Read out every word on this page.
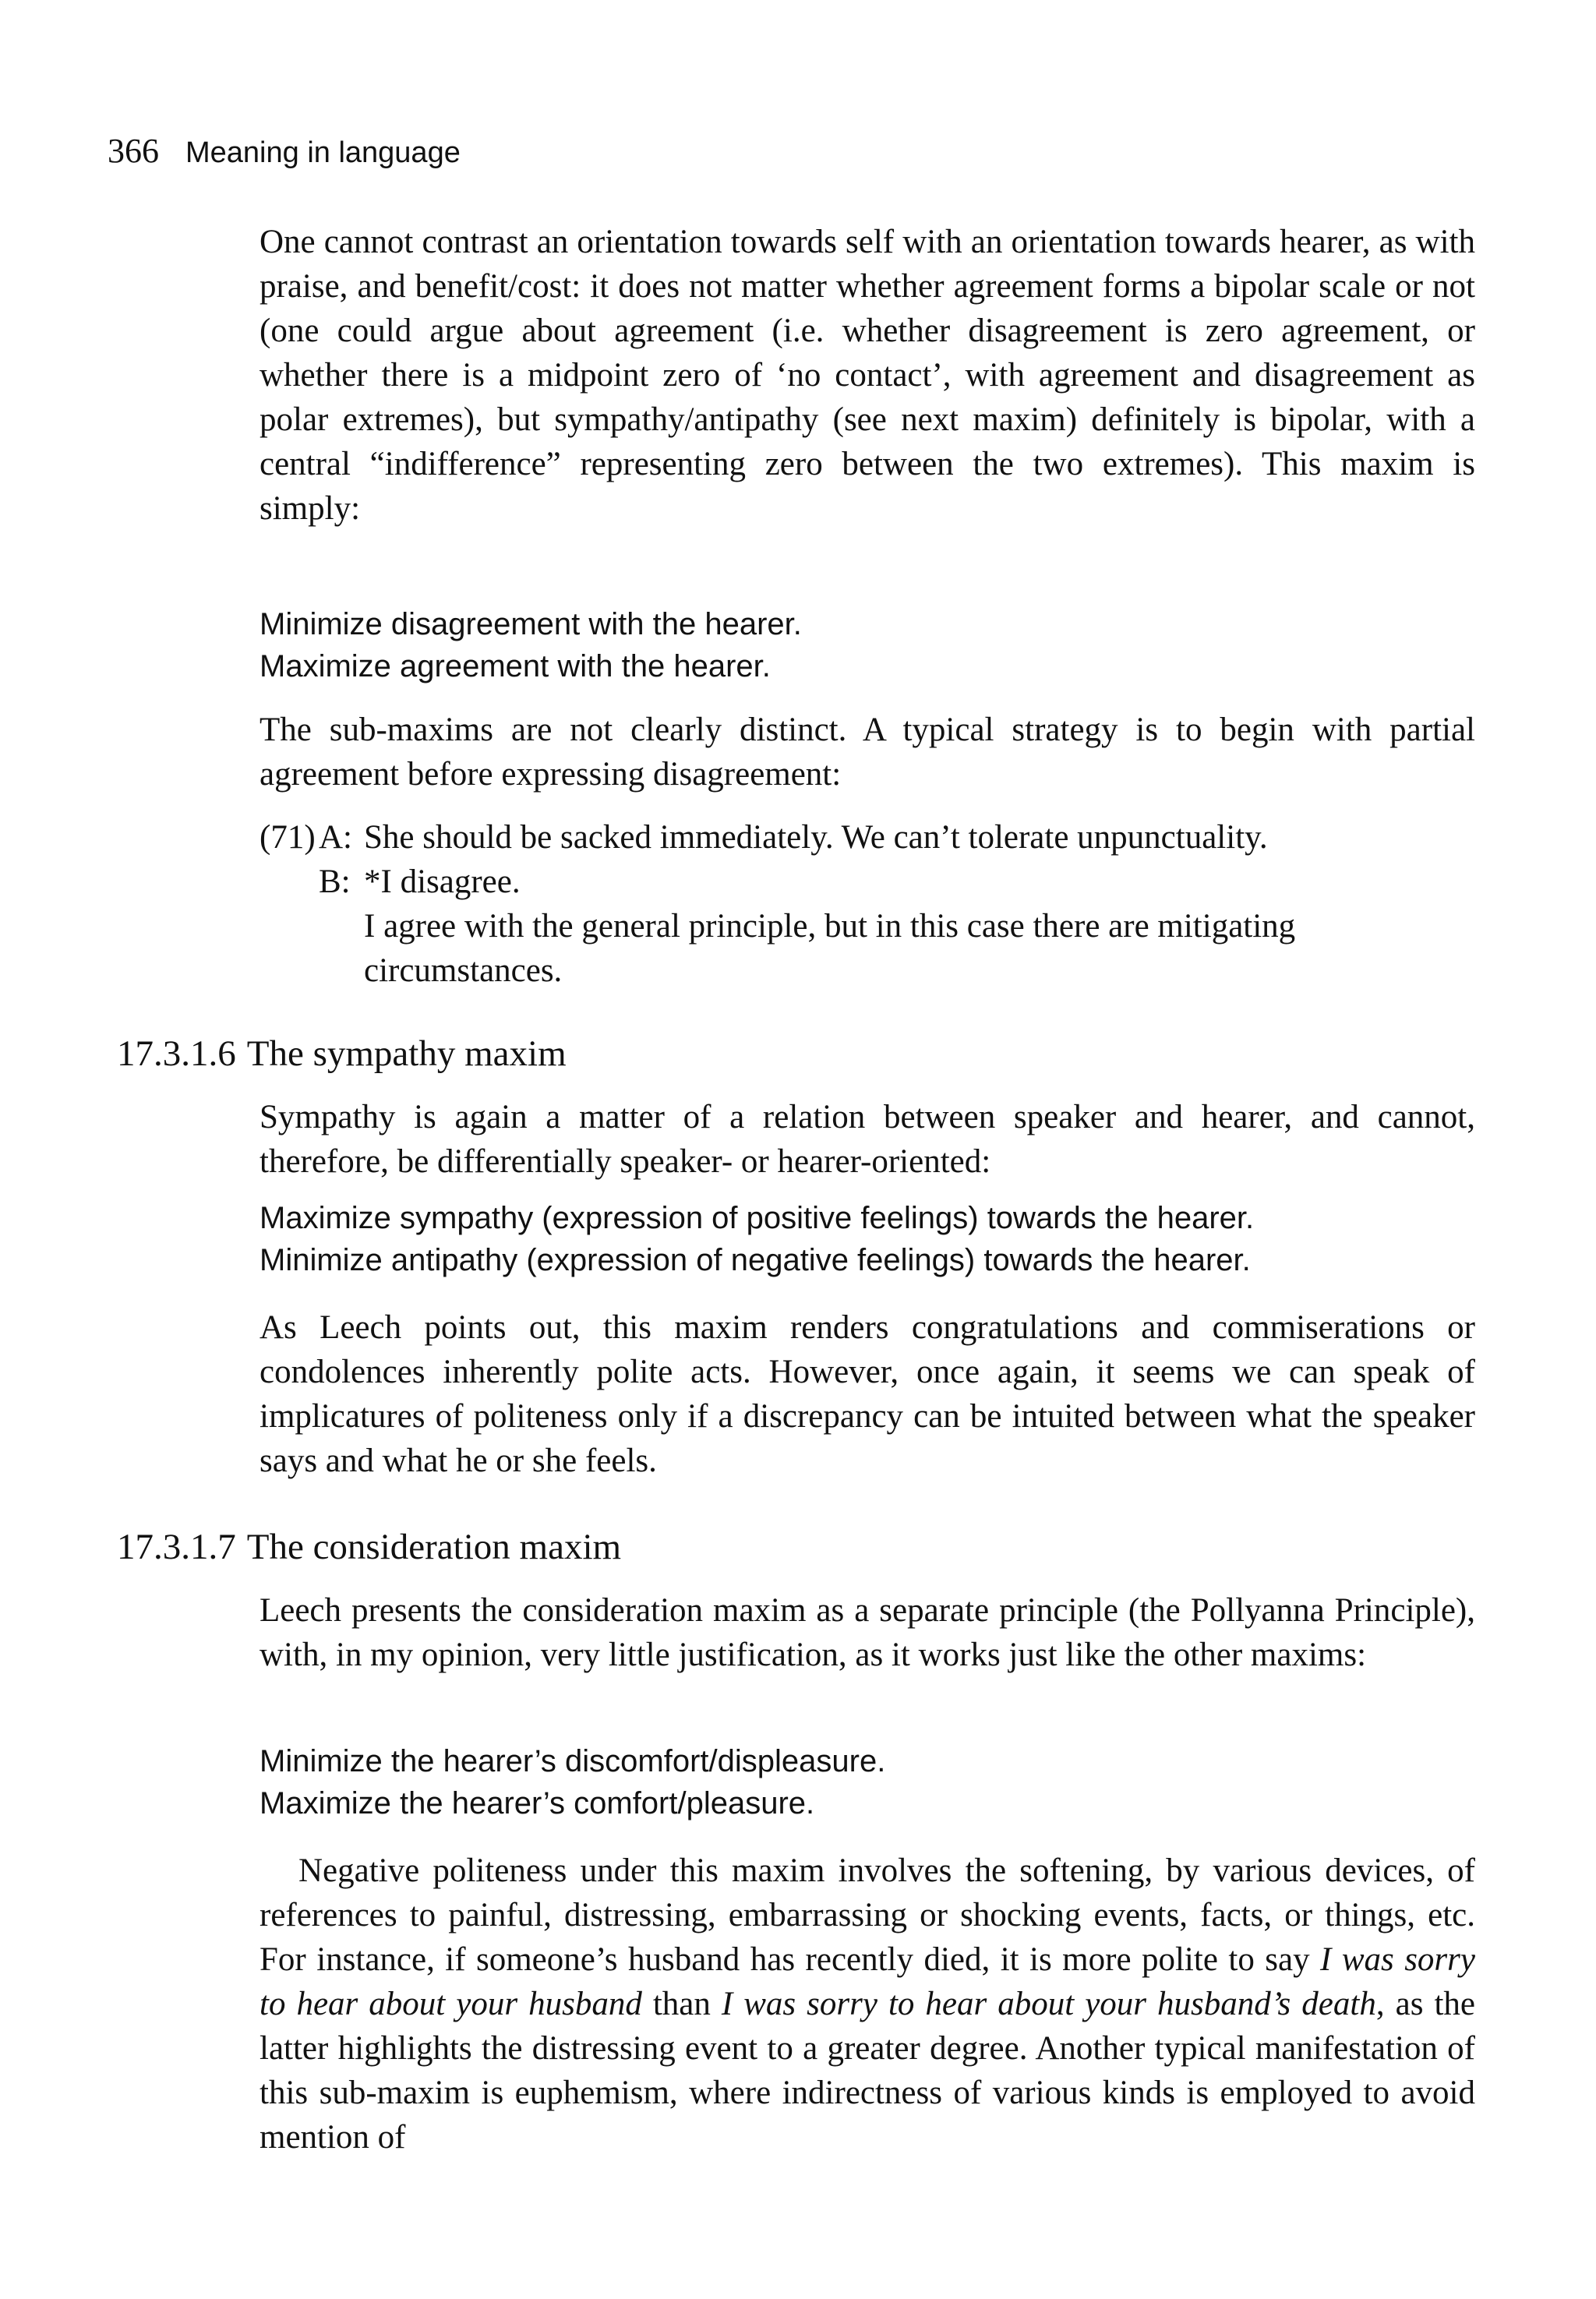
366 Meaning in language

One cannot contrast an orientation towards self with an orientation towards hearer, as with praise, and benefit/cost: it does not matter whether agreement forms a bipolar scale or not (one could argue about agreement (i.e. whether disagreement is zero agreement, or whether there is a midpoint zero of ‘no contact’, with agreement and disagreement as polar extremes), but sympathy/antipathy (see next maxim) definitely is bipolar, with a central “indifference” representing zero between the two extremes). This maxim is simply:

Minimize disagreement with the hearer.
Maximize agreement with the hearer.

The sub-maxims are not clearly distinct. A typical strategy is to begin with partial agreement before expressing disagreement:

(71) A: She should be sacked immediately. We can’t tolerate unpunctuality.
B: *I disagree.
I agree with the general principle, but in this case there are mitigating circumstances.
17.3.1.6 The sympathy maxim

Sympathy is again a matter of a relation between speaker and hearer, and cannot, therefore, be differentially speaker- or hearer-oriented:

Maximize sympathy (expression of positive feelings) towards the hearer.
Minimize antipathy (expression of negative feelings) towards the hearer.

As Leech points out, this maxim renders congratulations and commiserations or condolences inherently polite acts. However, once again, it seems we can speak of implicatures of politeness only if a discrepancy can be intuited between what the speaker says and what he or she feels.

17.3.1.7 The consideration maxim

Leech presents the consideration maxim as a separate principle (the Pollyanna Principle), with, in my opinion, very little justification, as it works just like the other maxims:

Minimize the hearer’s discomfort/displeasure.
Maximize the hearer’s comfort/pleasure.

Negative politeness under this maxim involves the softening, by various devices, of references to painful, distressing, embarrassing or shocking events, facts, or things, etc. For instance, if someone’s husband has recently died, it is more polite to say I was sorry to hear about your husband than I was sorry to hear about your husband’s death, as the latter highlights the distressing event to a greater degree. Another typical manifestation of this sub-maxim is euphemism, where indirectness of various kinds is employed to avoid mention of
